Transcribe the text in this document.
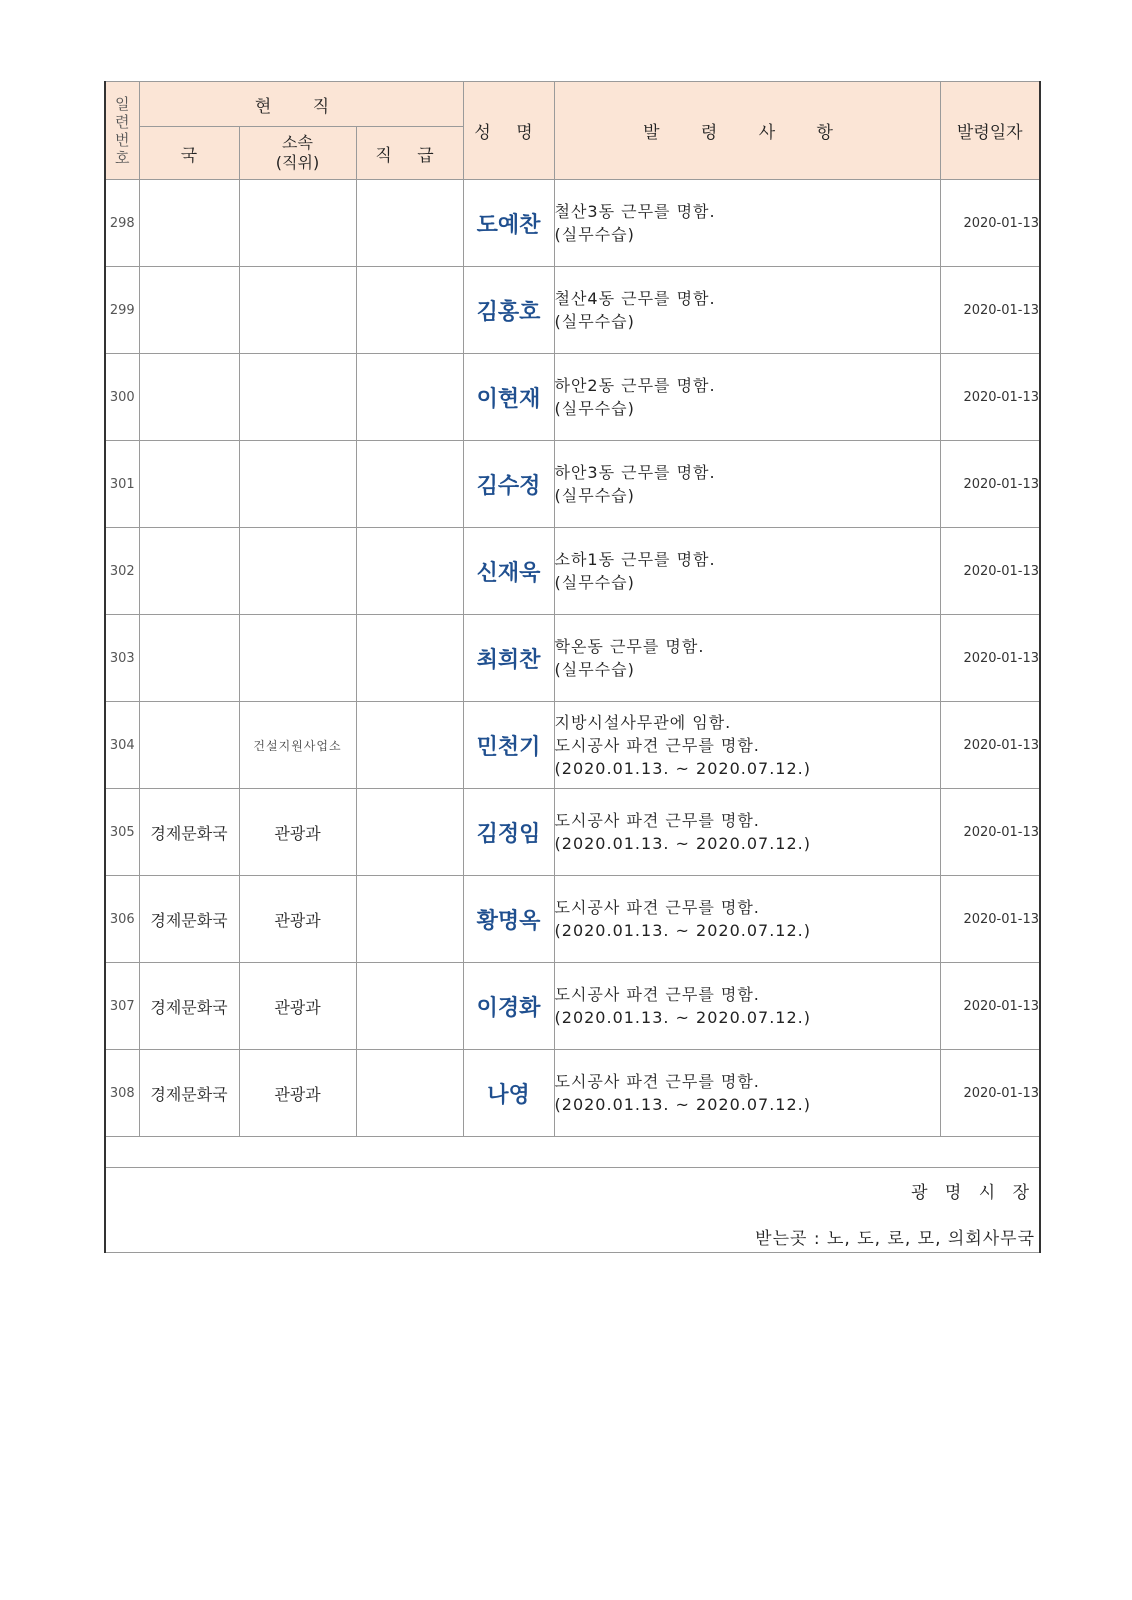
일
련
번
호	현 직			성 명	발 령 사 항	발령일자
	국	소속
(직위)	직 급			
298				도예찬	철산3동 근무를 명함.
(실무수습)	2020-01-13
299				김홍호	철산4동 근무를 명함.
(실무수습)	2020-01-13
300				이현재	하안2동 근무를 명함.
(실무수습)	2020-01-13
301				김수정	하안3동 근무를 명함.
(실무수습)	2020-01-13
302				신재욱	소하1동 근무를 명함.
(실무수습)	2020-01-13
303				최희찬	학온동 근무를 명함.
(실무수습)	2020-01-13
304		건설지원사업소		민천기	지방시설사무관에 임함.
도시공사 파견 근무를 명함.
(2020.01.13. ~ 2020.07.12.)	2020-01-13
305	경제문화국	관광과		김정임	도시공사 파견 근무를 명함.
(2020.01.13. ~ 2020.07.12.)	2020-01-13
306	경제문화국	관광과		황명옥	도시공사 파견 근무를 명함.
(2020.01.13. ~ 2020.07.12.)	2020-01-13
307	경제문화국	관광과		이경화	도시공사 파견 근무를 명함.
(2020.01.13. ~ 2020.07.12.)	2020-01-13
308	경제문화국	관광과		나영	도시공사 파견 근무를 명함.
(2020.01.13. ~ 2020.07.12.)	2020-01-13

광 명 시 장
받는곳 : 노, 도, 로, 모, 의회사무국						
